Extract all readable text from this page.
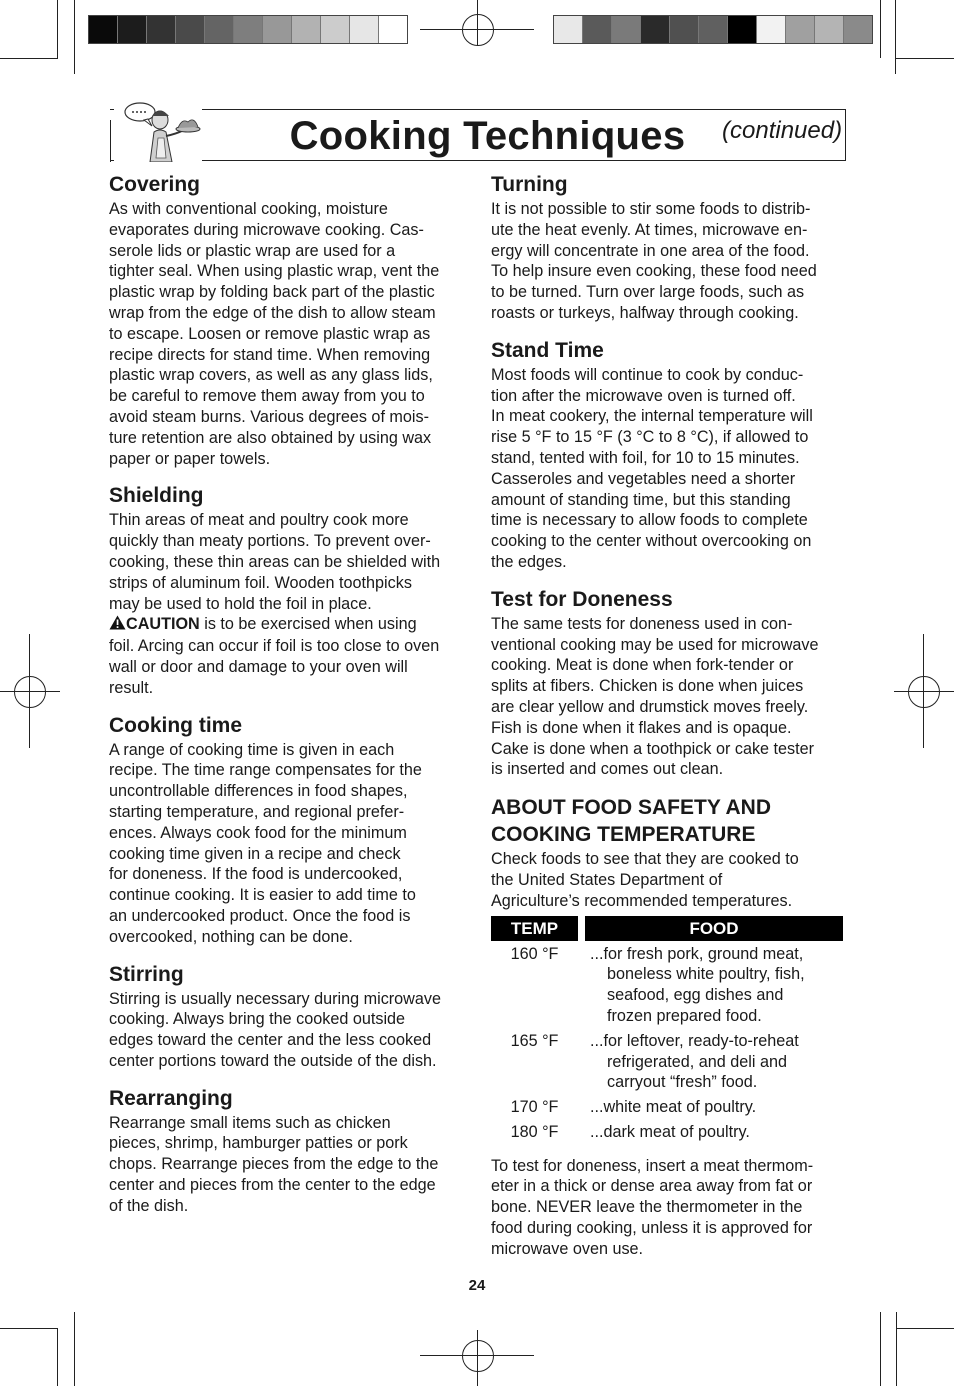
Cooking Techniques	(continued)

Covering

As with conventional cooking, moisture
evaporates during microwave cooking. Cas-
serole lids or plastic wrap are used for a
tighter seal. When using plastic wrap, vent the
plastic wrap by folding back part of the plastic
wrap from the edge of the dish to allow steam
to escape. Loosen or remove plastic wrap as
recipe directs for stand time. When removing
plastic wrap covers, as well as any glass lids,
be careful to remove them away from you to
avoid steam burns. Various degrees of mois-
ture retention are also obtained by using wax
paper or paper towels.

Shielding

Thin areas of meat and poultry cook more
quickly than meaty portions. To prevent over-
cooking, these thin areas can be shielded with
strips of aluminum foil. Wooden toothpicks
may be used to hold the foil in place.

CAUTION is to be exercised when using

foil. Arcing can occur if foil is too close to oven
wall or door and damage to your oven will
result.

Cooking time

A range of cooking time is given in each
recipe. The time range compensates for the
uncontrollable differences in food shapes,
starting temperature, and regional prefer-
ences. Always cook food for the minimum
cooking time given in a recipe and check
for doneness. If the food is undercooked,
continue cooking. It is easier to add time to
an undercooked product. Once the food is
overcooked, nothing can be done.

Stirring

Stirring is usually necessary during microwave
cooking. Always bring the cooked outside
edges toward the center and the less cooked
center portions toward the outside of the dish.

Rearranging

Rearrange small items such as chicken
pieces, shrimp, hamburger patties or pork
chops. Rearrange pieces from the edge to the
center and pieces from the center to the edge
of the dish.

Turning

It is not possible to stir some foods to distrib-
ute the heat evenly. At times, microwave en-
ergy will concentrate in one area of the food.
To help insure even cooking, these food need
to be turned. Turn over large foods, such as
roasts or turkeys, halfway through cooking.

Stand Time

Most foods will continue to cook by conduc-
tion after the microwave oven is turned off.
In meat cookery, the internal temperature will
rise 5 °F to 15 °F (3 °C to 8 °C), if allowed to
stand, tented with foil, for 10 to 15 minutes.
Casseroles and vegetables need a shorter
amount of standing time, but this standing
time is necessary to allow foods to complete
cooking to the center without overcooking on
the edges.

Test for Doneness

The same tests for doneness used in con-
ventional cooking may be used for microwave
cooking. Meat is done when fork-tender or
splits at fibers. Chicken is done when juices
are clear yellow and drumstick moves freely.
Fish is done when it flakes and is opaque.
Cake is done when a toothpick or cake tester
is inserted and comes out clean.

ABOUT FOOD SAFETY AND
COOKING TEMPERATURE

Check foods to see that they are cooked to
the United States Department of
Agriculture’s recommended temperatures.

TEMP	FOOD
160 °F	...for fresh pork, ground meat,
boneless white poultry, fish,
seafood, egg dishes and
frozen prepared food.
165 °F	...for leftover, ready-to-reheat
refrigerated, and deli and
carryout “fresh” food.
170 °F	...white meat of poultry.
180 °F	...dark meat of poultry.

To test for doneness, insert a meat thermom-
eter in a thick or dense area away from fat or
bone. NEVER leave the thermometer in the
food during cooking, unless it is approved for
microwave oven use.

24
